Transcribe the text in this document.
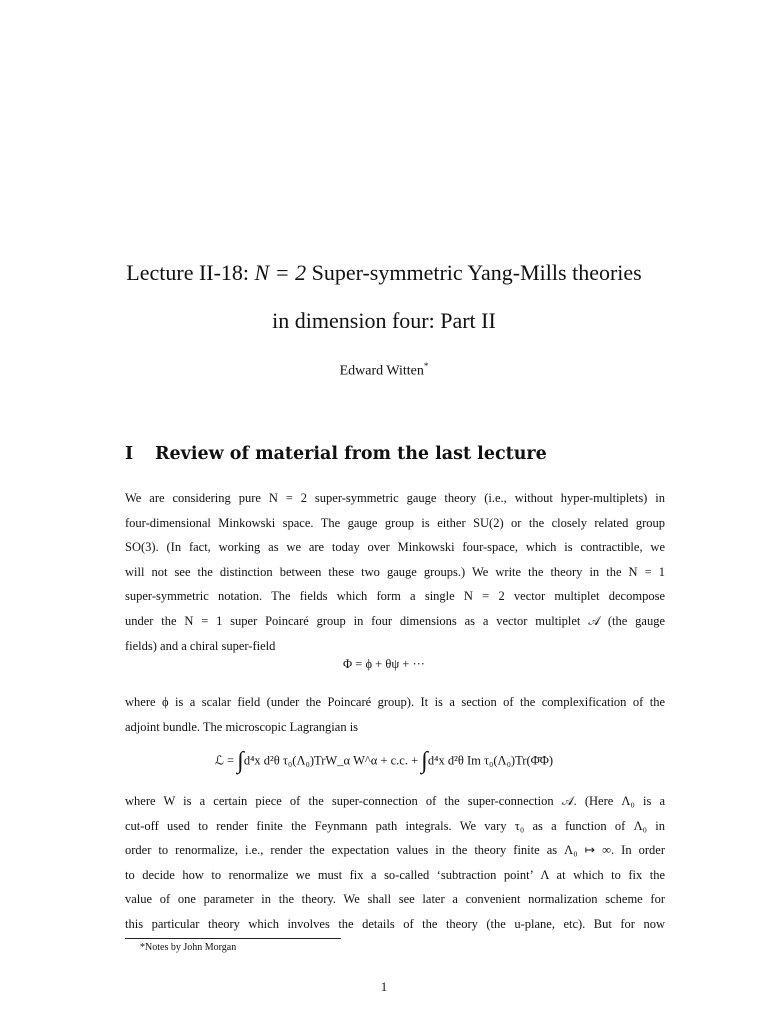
Lecture II-18: N = 2 Super-symmetric Yang-Mills theories
in dimension four: Part II
Edward Witten*
I Review of material from the last lecture
We are considering pure N = 2 super-symmetric gauge theory (i.e., without hyper-multiplets) in
four-dimensional Minkowski space. The gauge group is either SU(2) or the closely related group
SO(3). (In fact, working as we are today over Minkowski four-space, which is contractible, we
will not see the distinction between these two gauge groups.) We write the theory in the N = 1
super-symmetric notation. The fields which form a single N = 2 vector multiplet decompose
under the N = 1 super Poincaré group in four dimensions as a vector multiplet 𝒜 (the gauge
fields) and a chiral super-field
Φ = ϕ + θψ + ···
where ϕ is a scalar field (under the Poincaré group). It is a section of the complexification of the
adjoint bundle. The microscopic Lagrangian is
ℒ = ∫d⁴x d²θ τ₀(Λ₀)TrW_α W^α + c.c. + ∫d⁴x d²θ Im τ₀(Λ₀)Tr(Φ̄Φ)
where W is a certain piece of the super-connection of the super-connection 𝒜. (Here Λ₀ is a
cut-off used to render finite the Feynmann path integrals. We vary τ₀ as a function of Λ₀ in
order to renormalize, i.e., render the expectation values in the theory finite as Λ₀ ↦ ∞. In order
to decide how to renormalize we must fix a so-called ‘subtraction point’ Λ at which to fix the
value of one parameter in the theory. We shall see later a convenient normalization scheme for
this particular theory which involves the details of the theory (the u-plane, etc). But for now
*Notes by John Morgan
1
